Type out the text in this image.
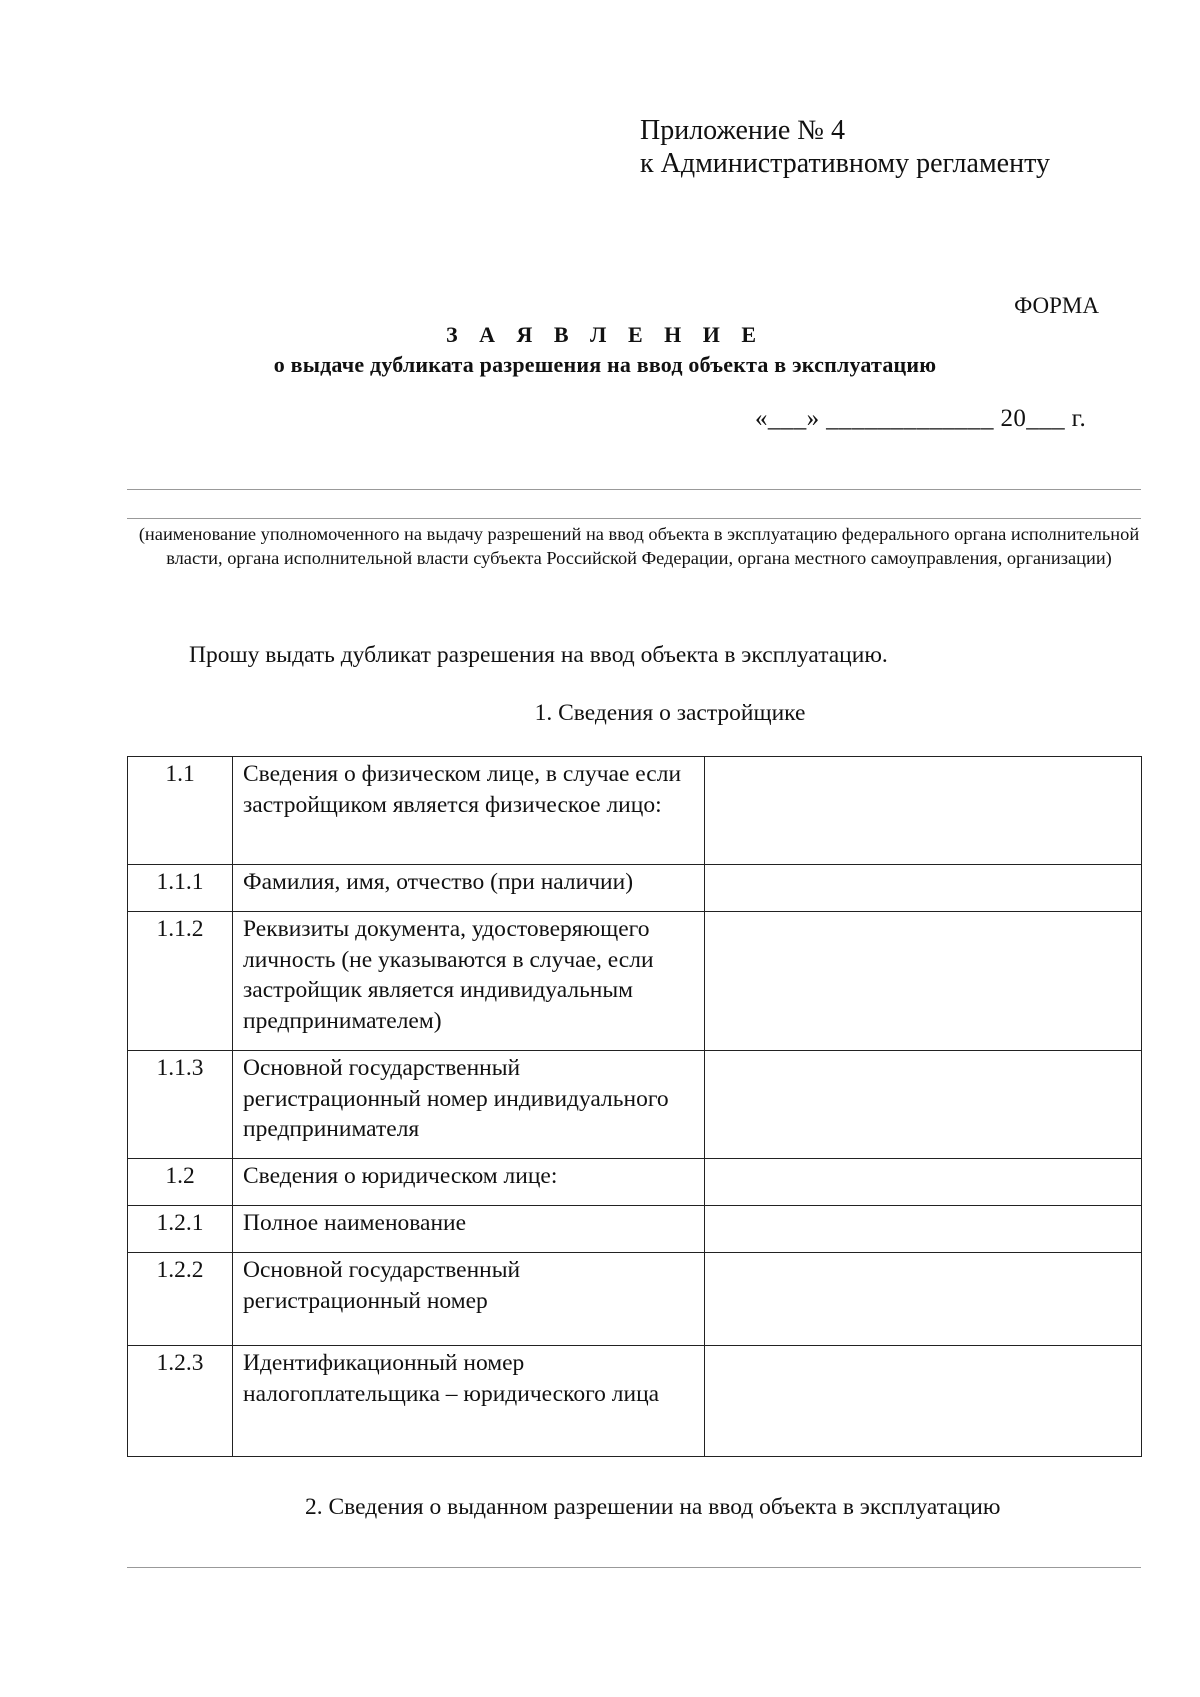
Приложение № 4
к Административному регламенту
ФОРМА
З А Я В Л Е Н И Е
о выдаче дубликата разрешения на ввод объекта в эксплуатацию
«___» _____________ 20___ г.
(наименование уполномоченного на выдачу разрешений на ввод объекта в эксплуатацию федерального органа исполнительной власти, органа исполнительной власти субъекта Российской Федерации, органа местного самоуправления, организации)
Прошу выдать дубликат разрешения на ввод объекта в эксплуатацию.
1. Сведения о застройщике
1.1	Сведения о физическом лице, в случае если застройщиком является физическое лицо:	
1.1.1	Фамилия, имя, отчество (при наличии)	
1.1.2	Реквизиты документа, удостоверяющего личность (не указываются в случае, если застройщик является индивидуальным предпринимателем)	
1.1.3	Основной государственный регистрационный номер индивидуального предпринимателя	
1.2	Сведения о юридическом лице:	
1.2.1	Полное наименование	
1.2.2	Основной государственный регистрационный номер	
1.2.3	Идентификационный номер налогоплательщика – юридического лица	
2. Сведения о выданном разрешении на ввод объекта в эксплуатацию
